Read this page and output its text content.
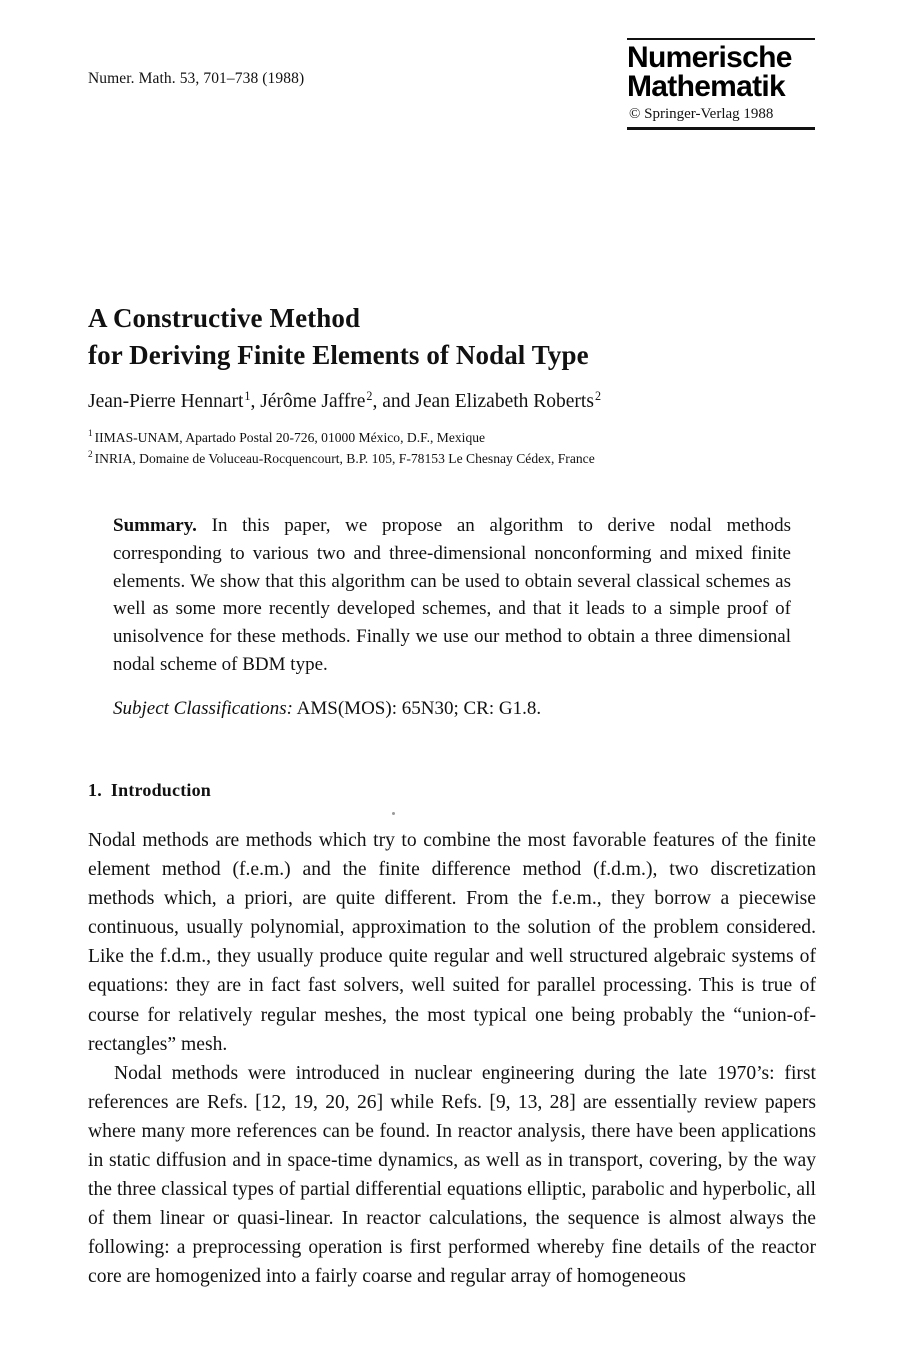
Numer. Math. 53, 701–738 (1988)
Numerische
Mathematik
© Springer-Verlag 1988
A Constructive Method
for Deriving Finite Elements of Nodal Type
Jean-Pierre Hennart$^1$, Jérôme Jaffre$^2$, and Jean Elizabeth Roberts$^2$
$^1$ IIMAS-UNAM, Apartado Postal 20-726, 01000 México, D.F., Mexique
$^2$ INRIA, Domaine de Voluceau-Rocquencourt, B.P. 105, F-78153 Le Chesnay Cédex, France
Summary. In this paper, we propose an algorithm to derive nodal methods corresponding to various two and three-dimensional nonconforming and mixed finite elements. We show that this algorithm can be used to obtain several classical schemes as well as some more recently developed schemes, and that it leads to a simple proof of unisolvence for these methods. Finally we use our method to obtain a three dimensional nodal scheme of BDM type.
Subject Classifications: AMS(MOS): 65N30; CR: G1.8.
1. Introduction

Nodal methods are methods which try to combine the most favorable features of the finite element method (f.e.m.) and the finite difference method (f.d.m.), two discretization methods which, a priori, are quite different. From the f.e.m., they borrow a piecewise continuous, usually polynomial, approximation to the solution of the problem considered. Like the f.d.m., they usually produce quite regular and well structured algebraic systems of equations: they are in fact fast solvers, well suited for parallel processing. This is true of course for relatively regular meshes, the most typical one being probably the “union-of-rectangles” mesh.

Nodal methods were introduced in nuclear engineering during the late 1970’s: first references are Refs. [12, 19, 20, 26] while Refs. [9, 13, 28] are essentially review papers where many more references can be found. In reactor analysis, there have been applications in static diffusion and in space-time dynamics, as well as in transport, covering, by the way the three classical types of partial differential equations elliptic, parabolic and hyperbolic, all of them linear or quasi-linear. In reactor calculations, the sequence is almost always the following: a preprocessing operation is first performed whereby fine details of the reactor core are homogenized into a fairly coarse and regular array of homogeneous
